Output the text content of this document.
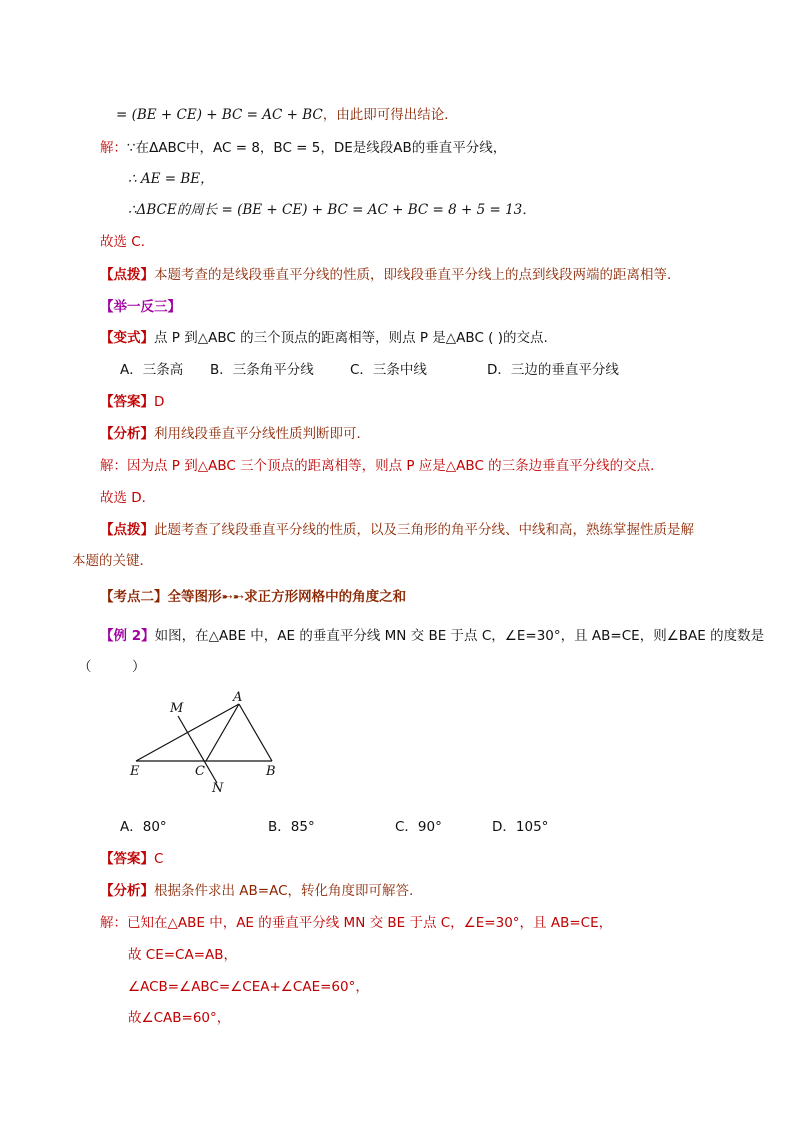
= (BE + CE) + BC = AC + BC，由此即可得出结论．
解：∵在ΔABC中，AC = 8，BC = 5，DE是线段AB的垂直平分线，
∴ AE = BE，
∴ΔBCE的周长 = (BE + CE) + BC = AC + BC = 8 + 5 = 13．
故选 C．
【点拨】本题考查的是线段垂直平分线的性质，即线段垂直平分线上的点到线段两端的距离相等．
【举一反三】
【变式】点 P 到△ABC 的三个顶点的距离相等，则点 P 是△ABC ( )的交点.
A．三条高 B．三条角平分线	C．三条中线	D．三边的垂直平分线
【答案】D
【分析】利用线段垂直平分线性质判断即可．
解：因为点 P 到△ABC 三个顶点的距离相等，则点 P 应是△ABC 的三条边垂直平分线的交点．
故选 D．
【点拨】此题考查了线段垂直平分线的性质，以及三角形的角平分线、中线和高，熟练掌握性质是解
本题的关键．
【考点二】全等图形➸➸求正方形网格中的角度之和
【例 2】如图，在△ABE 中，AE 的垂直平分线 MN 交 BE 于点 C，∠E=30°，且 AB=CE，则∠BAE 的度数是
（　　　）
M
A
E	C	B
N
A．80°	B．85°	C．90°	D．105°
【答案】C
【分析】根据条件求出 AB=AC，转化角度即可解答.
解：已知在△ABE 中，AE 的垂直平分线 MN 交 BE 于点 C，∠E=30°，且 AB=CE，
故 CE=CA=AB，
∠ACB=∠ABC=∠CEA+∠CAE=60°，
故∠CAB=60°，
